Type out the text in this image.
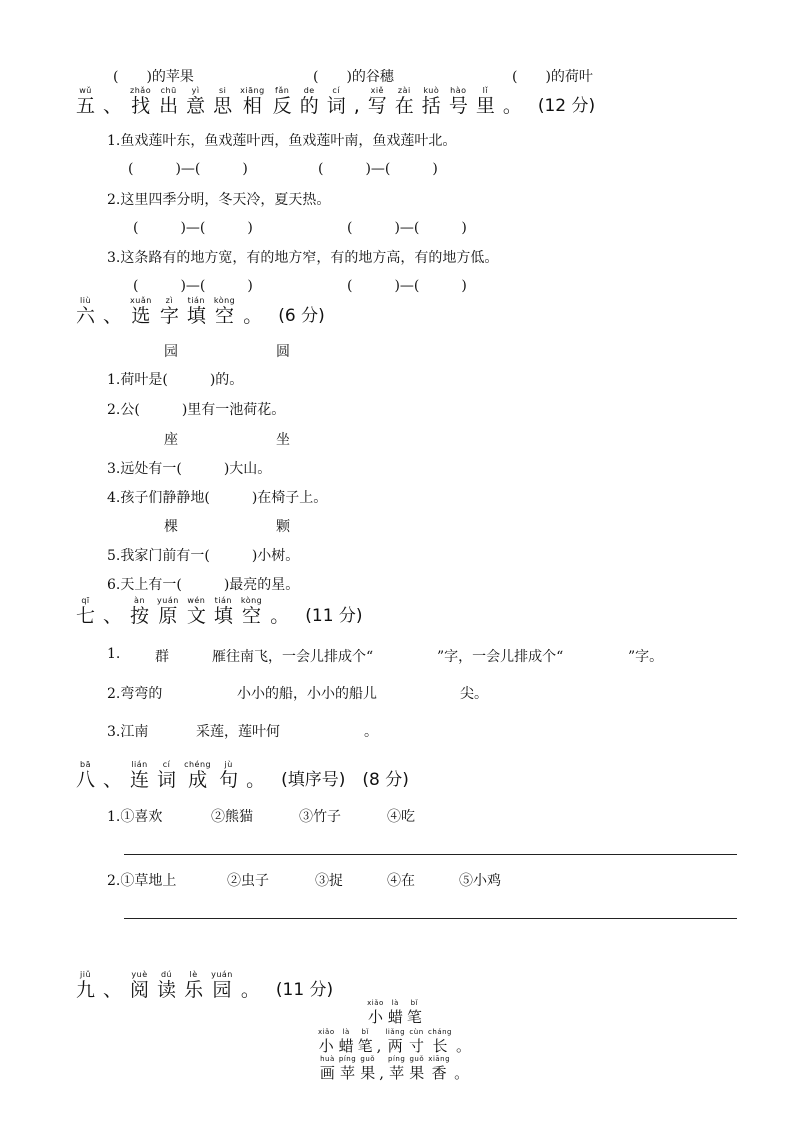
(　　)的苹果	(　　)的谷穗	(　　)的荷叶
wǔ
五 、
zhǎo
找
chū
出
yì
意
si
思
xiāng
相
fǎn
反
de
的
cí
词 ,
xiě
写
zài
在
kuò
括
hào
号
lǐ
里 。 (12 分)
1.鱼戏莲叶东，鱼戏莲叶西，鱼戏莲叶南，鱼戏莲叶北。
(　　　)—(　　　)	(　　　)—(　　　)
2.这里四季分明，冬天冷，夏天热。
(　　　)—(　　　)	(　　　)—(　　　)
3.这条路有的地方宽，有的地方窄，有的地方高，有的地方低。
(　　　)—(　　　)	(　　　)—(　　　)
liù
六 、
xuǎn
选
zì
字
tián
填
kòng
空 。 (6 分)
园	圆
1.荷叶是(　　　)的。
2.公(　　　)里有一池荷花。
座	坐
3.远处有一(　　　)大山。
4.孩子们静静地(　　　)在椅子上。
棵	颗
5.我家门前有一(　　　)小树。
6.天上有一(　　　)最亮的星。
qī
七 、
àn
按
yuán
原
wén
文
tián
填
kòng
空 。 (11 分)
1. 群	雁往南飞，一会儿排成个“	”字，一会儿排成个“	”字。
2.弯弯的	小小的船，小小的船儿	尖。
3.江南	采莲，莲叶何	。
bā
八 、
lián
连
cí
词
chéng
成
jù
句 。 (填序号)　(8 分)
1.①喜欢	②熊猫	③竹子	④吃
2.①草地上	②虫子	③捉	④在	⑤小鸡
jiǔ
九 、
yuè
阅
dú
读
lè
乐
yuán
园 。 (11 分)
xiǎo
小
là
蜡
bǐ
笔
xiǎo
小
là
蜡
bǐ
笔 ,
liǎng
两
cùn
寸
cháng
长 。
huà
画
píng
苹
guǒ
果 ,
píng
苹
guǒ
果
xiāng
香 。
